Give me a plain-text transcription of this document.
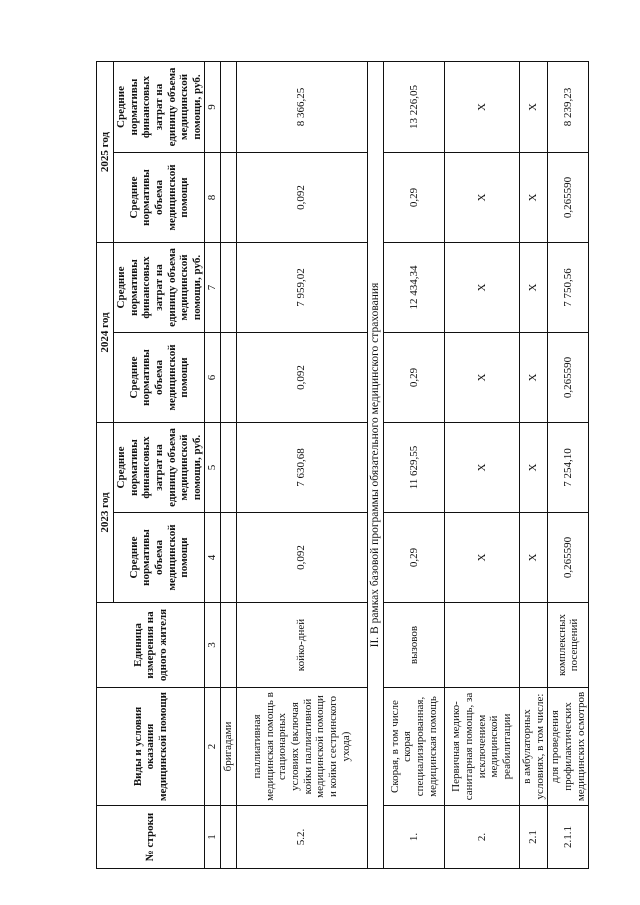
№ строки	Виды и условия оказания медицинской помощи	Единица измерения на одного жителя	2023 год		2024 год		2025 год	
			Средние нормативы объема медицинской помощи	Средние нормативы финансовых затрат на единицу объема медицинской помощи, руб.	Средние нормативы объема медицинской помощи	Средние нормативы финансовых затрат на единицу объема медицинской помощи, руб.	Средние нормативы объема медицинской помощи	Средние нормативы финансовых затрат на единицу объема медицинской помощи, руб.
1	2	3	4	5	6	7	8	9
	бригадами							
5.2.	паллиативная медицинская помощь в стационарных условиях (включая койки паллиативной медицинской помощи и койки сестринского ухода)	койко-дней	0,092	7 630,68	0,092	7 959,02	0,092	8 366,25
II. В рамках базовой программы обязательного медицинского страхования								
1.	Скорая, в том числе скорая специализированная, медицинская помощь	вызовов	0,29	11 629,55	0,29	12 434,34	0,29	13 226,05
2.	Первичная медико-санитарная помощь, за исключением медицинской реабилитации		X	X	X	X	X	X
2.1	в амбулаторных условиях, в том числе:		X	X	X	X	X	X
2.1.1	для проведения профилактических медицинских осмотров	комплексных посещений	0,265590	7 254,10	0,265590	7 750,56	0,265590	8 239,23
